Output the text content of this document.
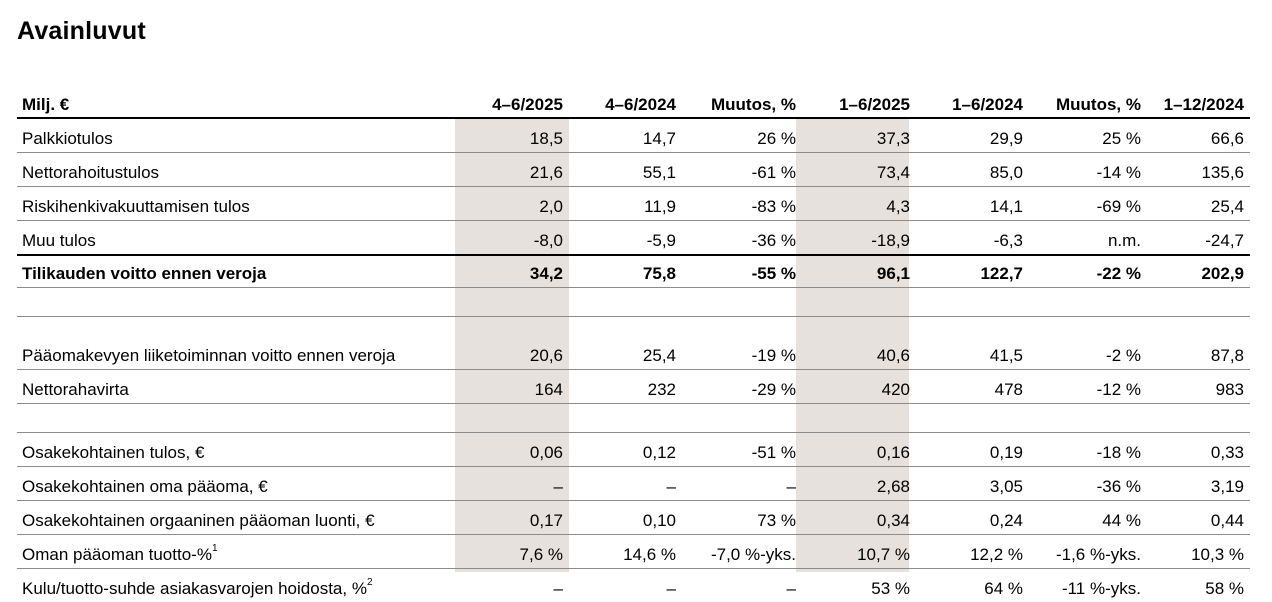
Avainluvut
Milj. €	4–6/2025	4–6/2024	Muutos, %	1–6/2025	1–6/2024	Muutos, %	1–12/2024
Palkkiotulos	18,5	14,7	26 %	37,3	29,9	25 %	66,6
Nettorahoitustulos	21,6	55,1	-61 %	73,4	85,0	-14 %	135,6
Riskihenkivakuuttamisen tulos	2,0	11,9	-83 %	4,3	14,1	-69 %	25,4
Muu tulos	-8,0	-5,9	-36 %	-18,9	-6,3	n.m.	-24,7
Tilikauden voitto ennen veroja	34,2	75,8	-55 %	96,1	122,7	-22 %	202,9

Pääomakevyen liiketoiminnan voitto ennen veroja	20,6	25,4	-19 %	40,6	41,5	-2 %	87,8
Nettorahavirta	164	232	-29 %	420	478	-12 %	983

Osakekohtainen tulos, €	0,06	0,12	-51 %	0,16	0,19	-18 %	0,33
Osakekohtainen oma pääoma, €	–	–	–	2,68	3,05	-36 %	3,19
Osakekohtainen orgaaninen pääoman luonti, €	0,17	0,10	73 %	0,34	0,24	44 %	0,44
Oman pääoman tuotto-%$^1$	7,6 %	14,6 %	-7,0 %-yks.	10,7 %	12,2 %	-1,6 %-yks.	10,3 %
Kulu/tuotto-suhde asiakasvarojen hoidosta, %$^2$	–	–	–	53 %	64 %	-11 %-yks.	58 %
